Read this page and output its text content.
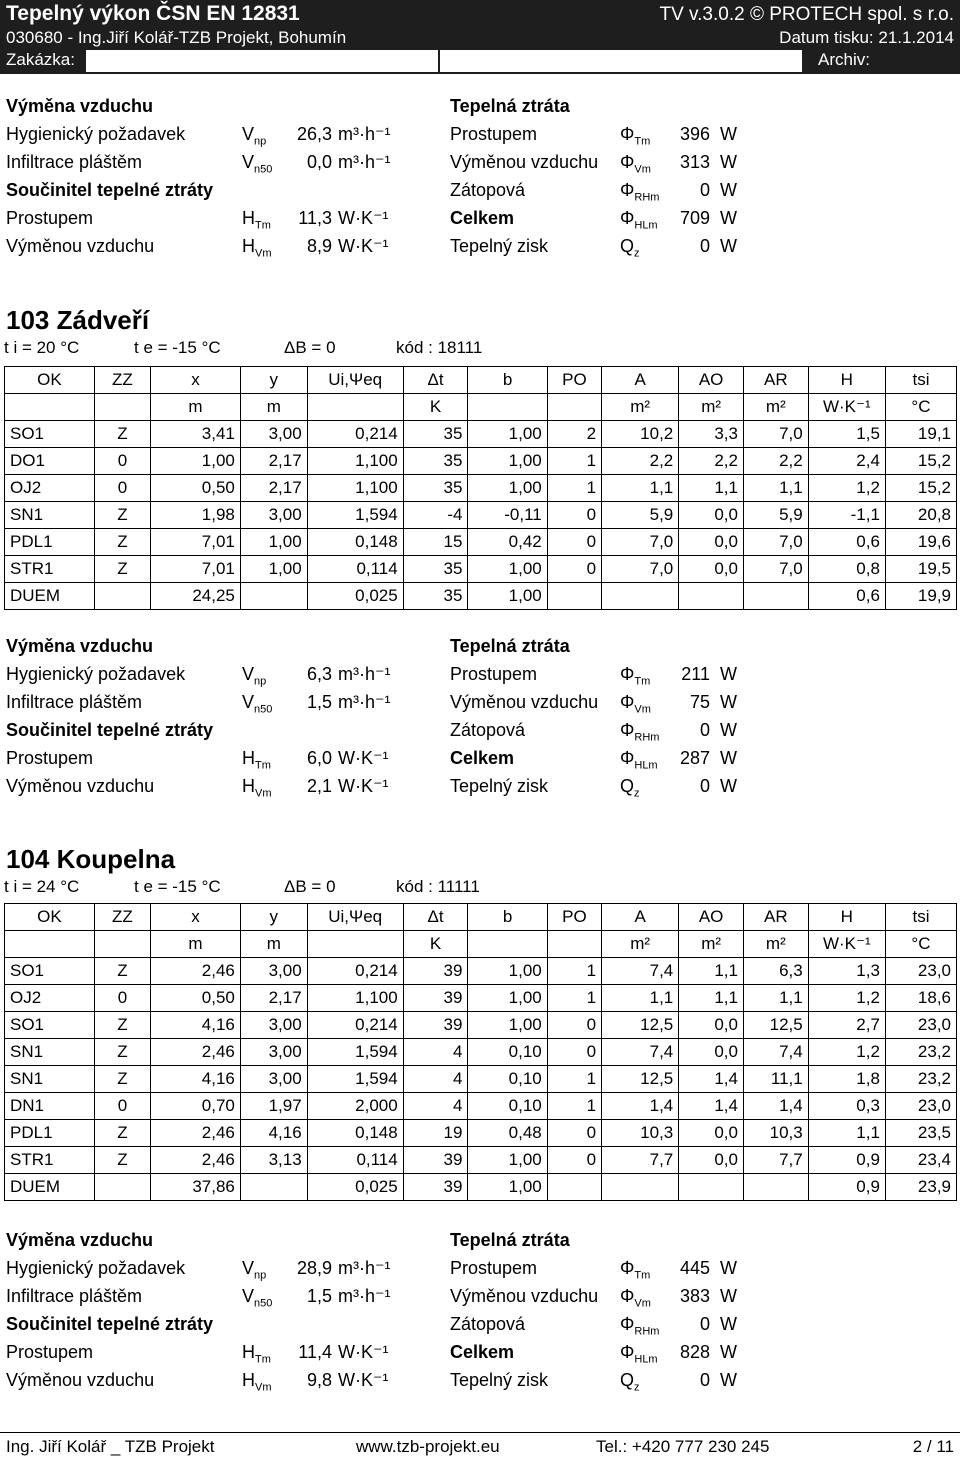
Tepelný výkon ČSN EN 12831	TV v.3.0.2 © PROTECH spol. s r.o.
030680 - Ing.Jiří Kolář-TZB Projekt, Bohumín	Datum tisku: 21.1.2014
Zakázka:	Archiv:
Výměna vzduchu	Tepelná ztráta
Hygienický požadavek	$V_{np}$	26,3 m³·h⁻¹	Prostupem	$\Phi_{Tm}$	396 W
Infiltrace pláštěm	$V_{n50}$	0,0 m³·h⁻¹	Výměnou vzduchu $\Phi_{Vm}$	313 W
Součinitel tepelné ztráty	Zátopová	$\Phi_{RHm}$	0 W
Prostupem	$H_{Tm}$	11,3 W·K⁻¹	Celkem	$\Phi_{HLm}$	709 W
Výměnou vzduchu	$H_{Vm}$	8,9 W·K⁻¹	Tepelný zisk	$Q_z$	0 W
103 Zádveří
t i = 20 °C	t e = -15 °C	ΔB = 0	kód : 18111
OK	ZZ	x	y	Ui,Ψeq	Δt	b	PO	A	AO	AR	H	tsi
		m	m		K			m²	m²	m²	W·K⁻¹	°C
SO1	Z	3,41	3,00	0,214	35	1,00	2	10,2	3,3	7,0	1,5	19,1
DO1	0	1,00	2,17	1,100	35	1,00	1	2,2	2,2	2,2	2,4	15,2
OJ2	0	0,50	2,17	1,100	35	1,00	1	1,1	1,1	1,1	1,2	15,2
SN1	Z	1,98	3,00	1,594	-4	-0,11	0	5,9	0,0	5,9	-1,1	20,8
PDL1	Z	7,01	1,00	0,148	15	0,42	0	7,0	0,0	7,0	0,6	19,6
STR1	Z	7,01	1,00	0,114	35	1,00	0	7,0	0,0	7,0	0,8	19,5
DUEM		24,25		0,025	35	1,00					0,6	19,9
Výměna vzduchu	Tepelná ztráta
Hygienický požadavek	$V_{np}$	6,3 m³·h⁻¹	Prostupem	$\Phi_{Tm}$	211 W
Infiltrace pláštěm	$V_{n50}$	1,5 m³·h⁻¹	Výměnou vzduchu $\Phi_{Vm}$	75 W
Součinitel tepelné ztráty	Zátopová	$\Phi_{RHm}$	0 W
Prostupem	$H_{Tm}$	6,0 W·K⁻¹	Celkem	$\Phi_{HLm}$	287 W
Výměnou vzduchu	$H_{Vm}$	2,1 W·K⁻¹	Tepelný zisk	$Q_z$	0 W
104 Koupelna
t i = 24 °C	t e = -15 °C	ΔB = 0	kód : 11111
OK	ZZ	x	y	Ui,Ψeq	Δt	b	PO	A	AO	AR	H	tsi
		m	m		K			m²	m²	m²	W·K⁻¹	°C
SO1	Z	2,46	3,00	0,214	39	1,00	1	7,4	1,1	6,3	1,3	23,0
OJ2	0	0,50	2,17	1,100	39	1,00	1	1,1	1,1	1,1	1,2	18,6
SO1	Z	4,16	3,00	0,214	39	1,00	0	12,5	0,0	12,5	2,7	23,0
SN1	Z	2,46	3,00	1,594	4	0,10	0	7,4	0,0	7,4	1,2	23,2
SN1	Z	4,16	3,00	1,594	4	0,10	1	12,5	1,4	11,1	1,8	23,2
DN1	0	0,70	1,97	2,000	4	0,10	1	1,4	1,4	1,4	0,3	23,0
PDL1	Z	2,46	4,16	0,148	19	0,48	0	10,3	0,0	10,3	1,1	23,5
STR1	Z	2,46	3,13	0,114	39	1,00	0	7,7	0,0	7,7	0,9	23,4
DUEM		37,86		0,025	39	1,00					0,9	23,9
Výměna vzduchu	Tepelná ztráta
Hygienický požadavek	$V_{np}$	28,9 m³·h⁻¹	Prostupem	$\Phi_{Tm}$	445 W
Infiltrace pláštěm	$V_{n50}$	1,5 m³·h⁻¹	Výměnou vzduchu $\Phi_{Vm}$	383 W
Součinitel tepelné ztráty	Zátopová	$\Phi_{RHm}$	0 W
Prostupem	$H_{Tm}$	11,4 W·K⁻¹	Celkem	$\Phi_{HLm}$	828 W
Výměnou vzduchu	$H_{Vm}$	9,8 W·K⁻¹	Tepelný zisk	$Q_z$	0 W
Ing. Jiří Kolář _ TZB Projekt	www.tzb-projekt.eu	Tel.: +420 777 230 245	2 / 11
